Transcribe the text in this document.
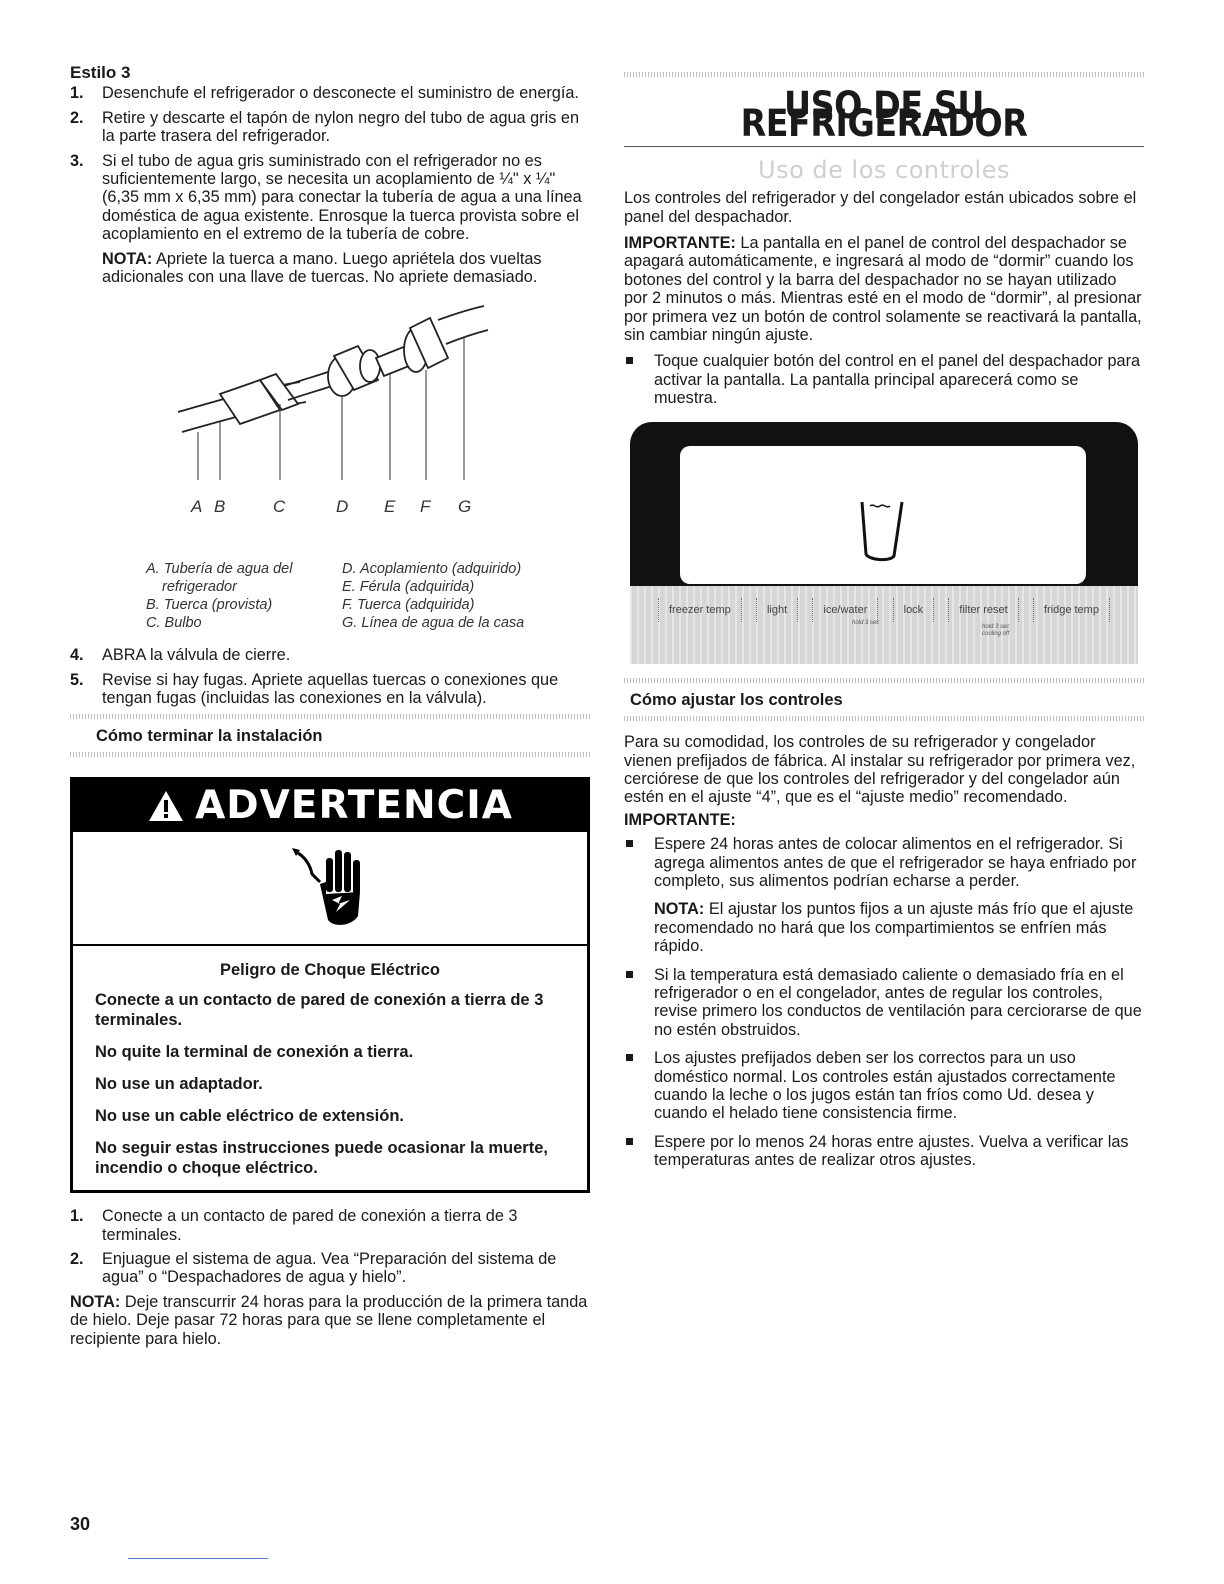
Estilo 3
1. Desenchufe el refrigerador o desconecte el suministro de energía.
2. Retire y descarte el tapón de nylon negro del tubo de agua gris en la parte trasera del refrigerador.
3. Si el tubo de agua gris suministrado con el refrigerador no es suficientemente largo, se necesita un acoplamiento de ¼" x ¼" (6,35 mm x 6,35 mm) para conectar la tubería de agua a una línea doméstica de agua existente. Enrosque la tuerca provista sobre el acoplamiento en el extremo de la tubería de cobre.

NOTA: Apriete la tuerca a mano. Luego apriétela dos vueltas adicionales con una llave de tuercas. No apriete demasiado.

A B	C	D E F G
A. Tubería de agua del
refrigerador
B. Tuerca (provista)
C. Bulbo
D. Acoplamiento (adquirido)
E. Férula (adquirida)
F. Tuerca (adquirida)
G. Línea de agua de la casa
4. ABRA la válvula de cierre.
5. Revise si hay fugas. Apriete aquellas tuercas o conexiones que tengan fugas (incluidas las conexiones en la válvula).
Cómo terminar la instalación
ADVERTENCIA
Peligro de Choque Eléctrico

Conecte a un contacto de pared de conexión a tierra de 3 terminales.

No quite la terminal de conexión a tierra.

No use un adaptador.

No use un cable eléctrico de extensión.

No seguir estas instrucciones puede ocasionar la muerte, incendio o choque eléctrico.

1. Conecte a un contacto de pared de conexión a tierra de 3 terminales.
2. Enjuague el sistema de agua. Vea “Preparación del sistema de agua” o “Despachadores de agua y hielo”.

NOTA: Deje transcurrir 24 horas para la producción de la primera tanda de hielo. Deje pasar 72 horas para que se llene completamente el recipiente para hielo.

USO DE SU REFRIGERADOR
Uso de los controles

Los controles del refrigerador y del congelador están ubicados sobre el panel del despachador.

IMPORTANTE: La pantalla en el panel de control del despachador se apagará automáticamente, e ingresará al modo de “dormir” cuando los botones del control y la barra del despachador no se hayan utilizado por 2 minutos o más. Mientras esté en el modo de “dormir”, al presionar por primera vez un botón de control solamente se reactivará la pantalla, sin cambiar ningún ajuste.

Toque cualquier botón del control en el panel del despachador para activar la pantalla. La pantalla principal aparecerá como se muestra.
freezer temp	light	ice/water	lock	filter reset	fridge temp
hold 3 sec
hold 3 sec
cooling off
Cómo ajustar los controles

Para su comodidad, los controles de su refrigerador y congelador vienen prefijados de fábrica. Al instalar su refrigerador por primera vez, cerciórese de que los controles del refrigerador y del congelador aún estén en el ajuste “4”, que es el “ajuste medio” recomendado.

IMPORTANTE:

Espere 24 horas antes de colocar alimentos en el refrigerador. Si agrega alimentos antes de que el refrigerador se haya enfriado por completo, sus alimentos podrían echarse a perder.

NOTA: El ajustar los puntos fijos a un ajuste más frío que el ajuste recomendado no hará que los compartimientos se enfríen más rápido.

Si la temperatura está demasiado caliente o demasiado fría en el refrigerador o en el congelador, antes de regular los controles, revise primero los conductos de ventilación para cerciorarse de que no estén obstruidos.
Los ajustes prefijados deben ser los correctos para un uso doméstico normal. Los controles están ajustados correctamente cuando la leche o los jugos están tan fríos como Ud. desea y cuando el helado tiene consistencia firme.
Espere por lo menos 24 horas entre ajustes. Vuelva a verificar las temperaturas antes de realizar otros ajustes.
30
